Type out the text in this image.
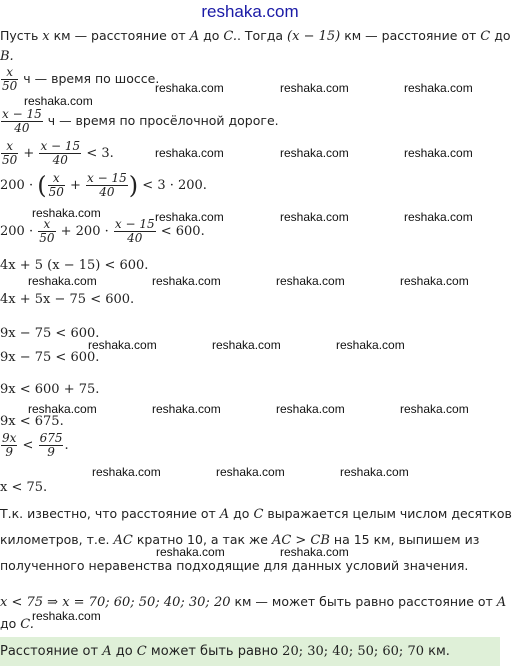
reshaka.com
Пусть x км — расстояние от A до C.. Тогда (x − 15) км — расстояние от C до
B.
$\frac{x}{50}$ ч — время по шоссе.
$\frac{x - 15}{40}$ ч — время по просёлочной дороге.
$\frac{x}{50} + \frac{x - 15}{40} < 3$.
200 · ( $\frac{x}{50} + \frac{x - 15}{40}$ ) < 3 · 200.
$200 \cdot \frac{x}{50} + 200 \cdot \frac{x - 15}{40} < 600$.
4x + 5 (x − 15) < 600.
4x + 5x − 75 < 600.
9x − 75 < 600.
9x − 75 < 600.
9x < 600 + 75.
9x < 675.
$\frac{9x}{9} < \frac{675}{9}$ .
x < 75.
Т.к. известно, что расстояние от A до C выражается целым числом десятков
километров, т.е. AC кратно 10, а так же AC > CB на 15 км, выпишем из
полученного неравенства подходящие для данных условий значения.
x < 75 ⇒ x = 70; 60; 50; 40; 30; 20 км — может быть равно расстояние от A
до C.
Расстояние от A до C может быть равно 20; 30; 40; 50; 60; 70 км.
reshaka.com	reshaka.com	reshaka.com
reshaka.com
reshaka.com	reshaka.com	reshaka.com
reshaka.com	reshaka.com	reshaka.com	reshaka.com
reshaka.com	reshaka.com	reshaka.com	reshaka.com
reshaka.com	reshaka.com	reshaka.com
reshaka.com	reshaka.com	reshaka.com	reshaka.com
reshaka.com	reshaka.com	reshaka.com
reshaka.com	reshaka.com
reshaka.com
